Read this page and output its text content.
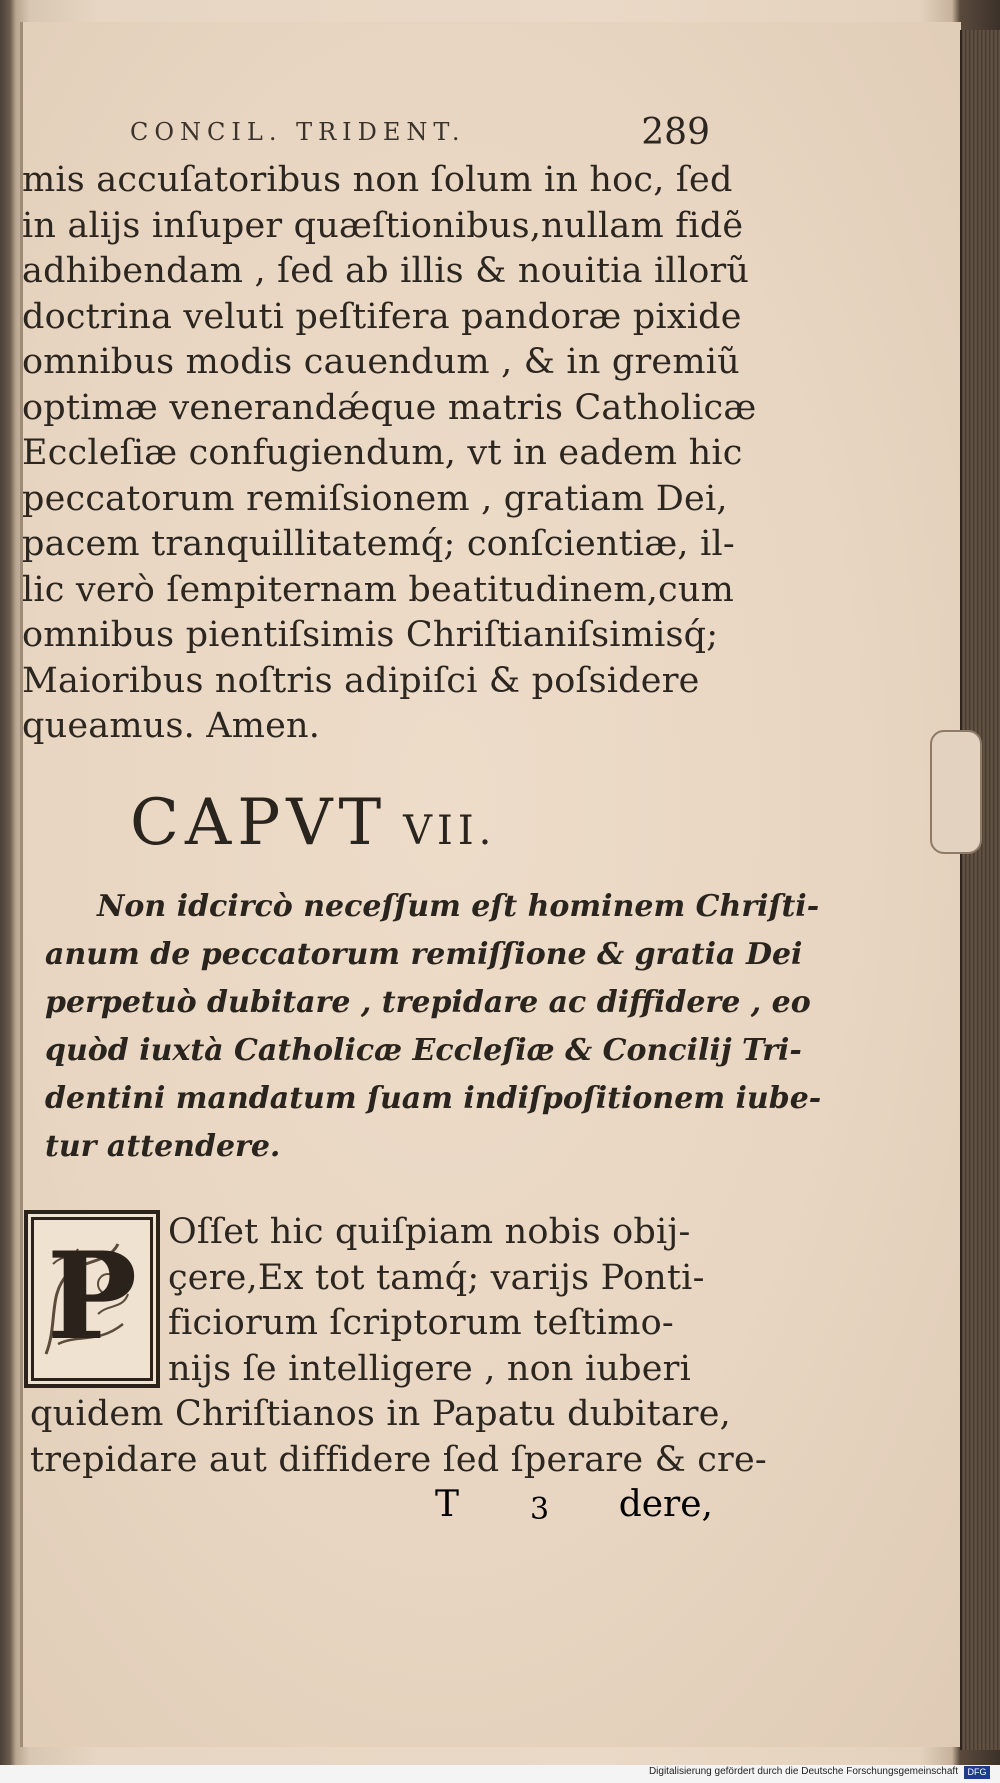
CONCIL. TRIDENT.	289
mis accuſatoribus non ſolum in hoc, ſed
in alijs inſuper quæſtionibus,nullam fidẽ
adhibendam , ſed ab illis & nouitia illorũ
doctrina veluti peſtifera pandoræ pixide
omnibus modis cauendum , & in gremiũ
optimæ venerandǽque matris Catholicæ
Eccleſiæ confugiendum, vt in eadem hic
peccatorum remiſsionem , gratiam Dei,
pacem tranquillitatemq́; conſcientiæ, il-
lic verò ſempiternam beatitudinem,cum
omnibus pientiſsimis Chriſtianiſsimisq́;
Maioribus noſtris adipiſci & poſsidere
queamus. Amen.
CAPVT VII.
Non idcircò neceſſum eſt hominem Chriſti-
anum de peccatorum remiſſione & gratia Dei
perpetuò dubitare , trepidare ac diffidere , eo
quòd iuxtà Catholicæ Eccleſiæ & Concilij Tri-
dentini mandatum ſuam indiſpoſitionem iube-
tur attendere.
P Oſſet hic quiſpiam nobis obij-
çere,Ex tot tamq́; varijs Ponti-
ficiorum ſcriptorum teſtimo-
nijs ſe intelligere , non iuberi
quidem Chriſtianos in Papatu dubitare,
trepidare aut diffidere ſed ſperare & cre-
T 3 dere,
Digitalisierung gefördert durch die Deutsche Forschungsgemeinschaft	DFG
